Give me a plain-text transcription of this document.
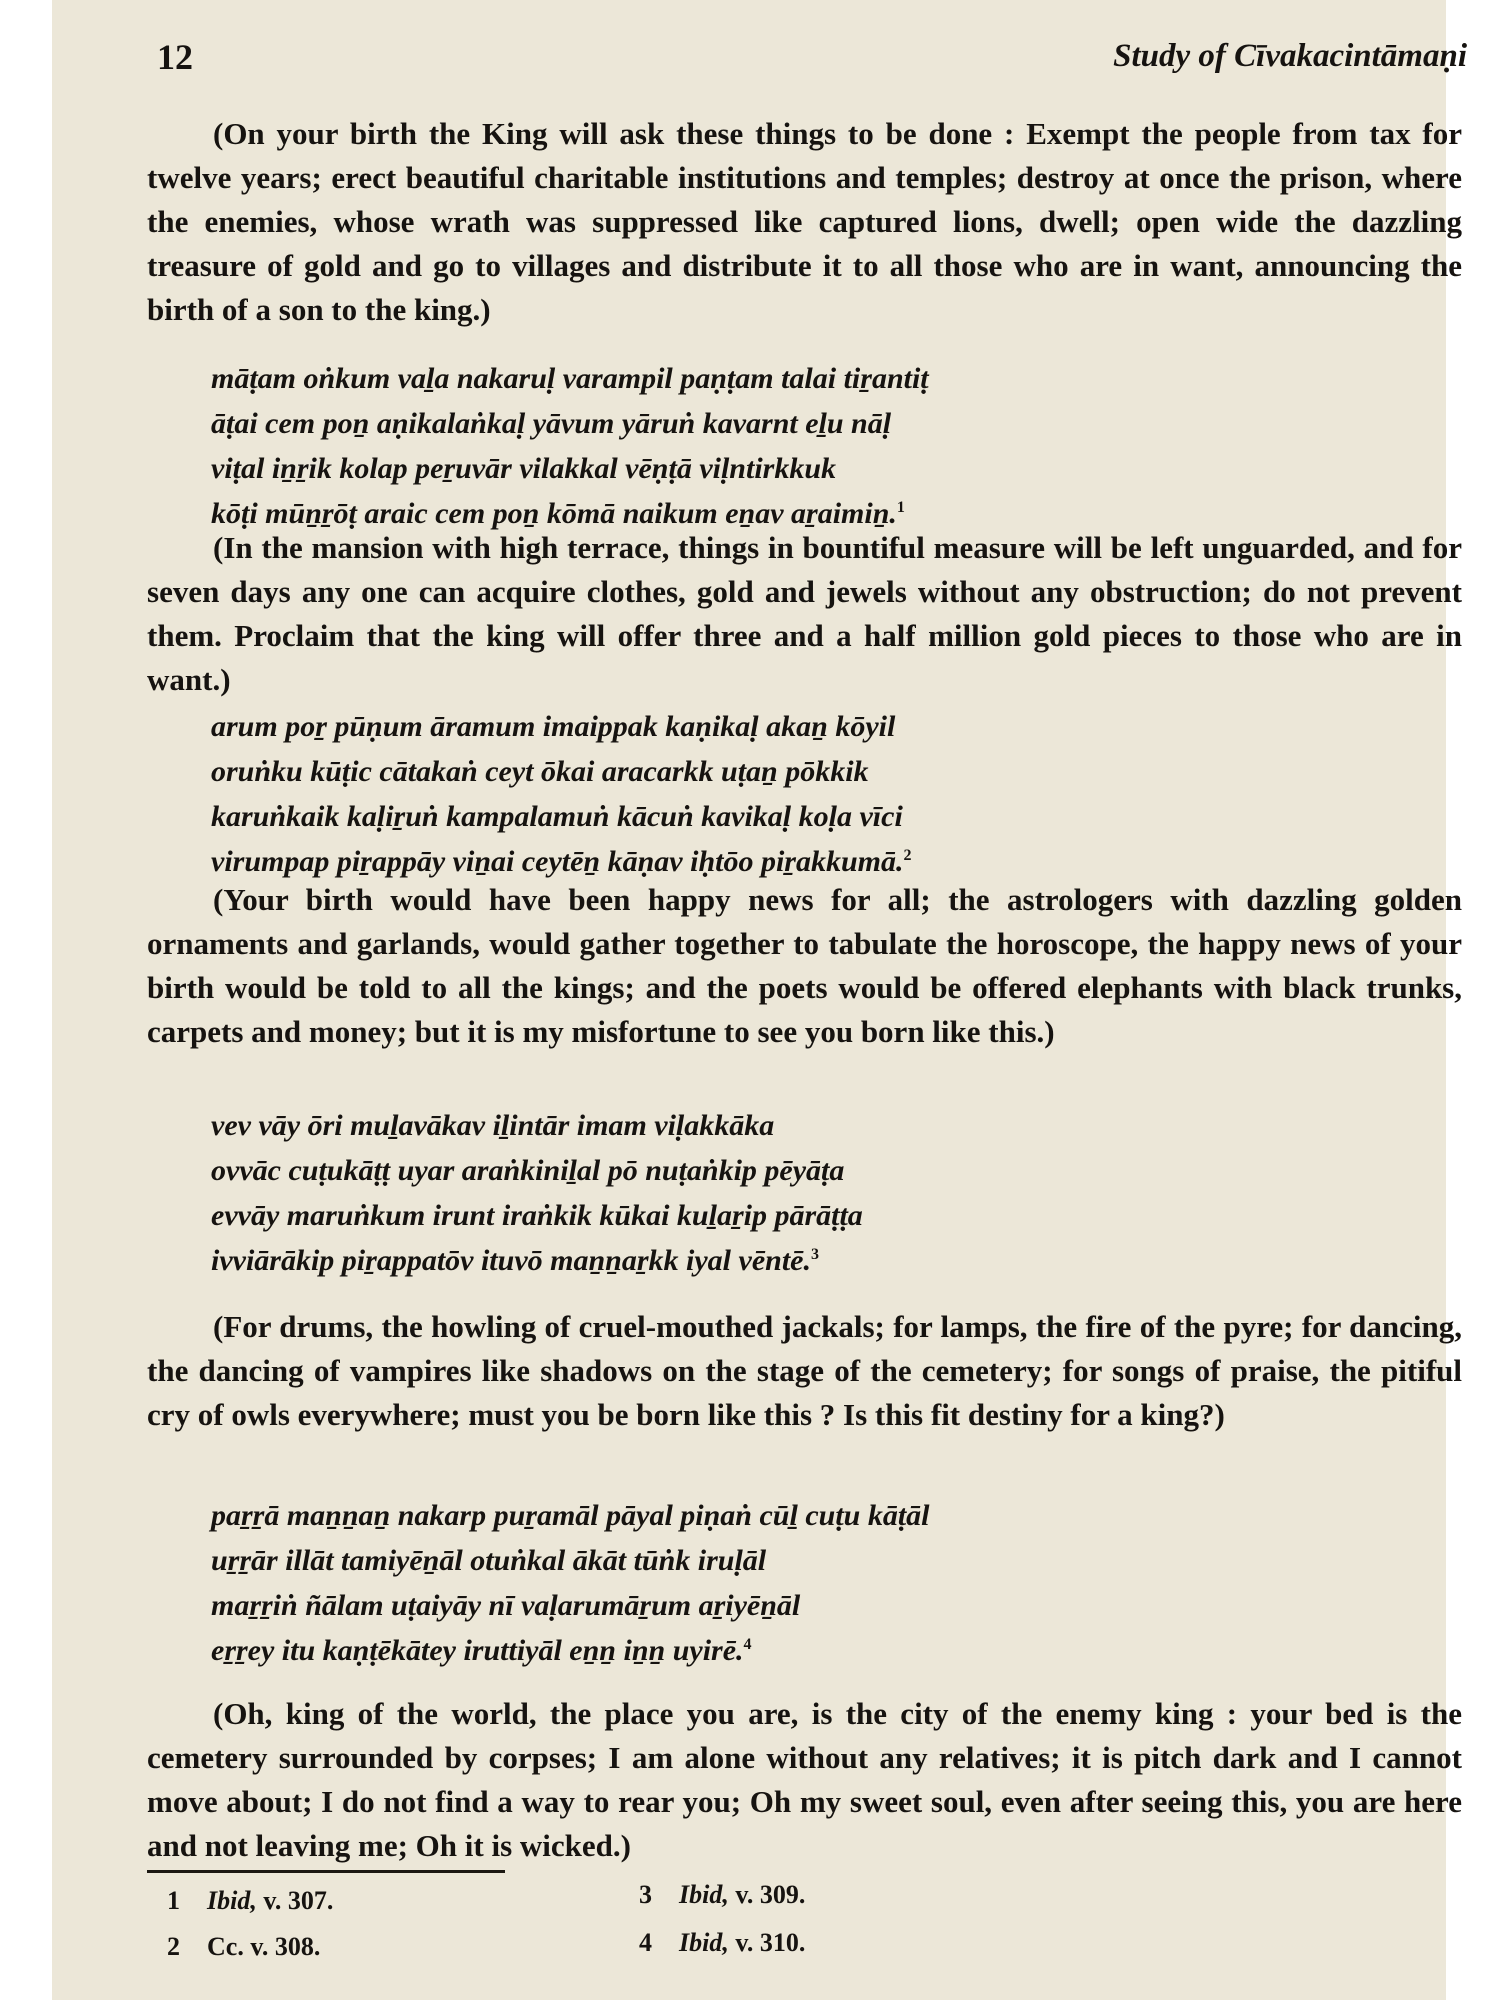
12	Study of Cīvakacintāmaṇi

(On your birth the King will ask these things to be done : Exempt the people from tax for twelve years; erect beautiful charitable institutions and temples; destroy at once the prison, where the enemies, whose wrath was suppressed like captured lions, dwell; open wide the dazzling treasure of gold and go to villages and distribute it to all those who are in want, announcing the birth of a son to the king.)

māṭam oṅkum vaḻa nakaruḷ varampil paṇṭam talai tiṟantiṭ
āṭai cem poṉ aṇikalaṅkaḷ yāvum yāruṅ kavarnt eḻu nāḷ
viṭal iṉṟik kolap peṟuvār vilakkal vēṇṭā viḷntirkkuk
kōṭi mūṉṟōṭ araic cem poṉ kōmā naikum eṉav aṟaimiṉ.$^1$

(In the mansion with high terrace, things in bountiful measure will be left unguarded, and for seven days any one can acquire clothes, gold and jewels without any obstruction; do not prevent them. Proclaim that the king will offer three and a half million gold pieces to those who are in want.)

arum poṟ pūṇum āramum imaippak kaṇikaḷ akaṉ kōyil
oruṅku kūṭic cātakaṅ ceyt ōkai aracarkk uṭaṉ pōkkik
karuṅkaik kaḷiṟuṅ kampalamuṅ kācuṅ kavikaḷ koḷa vīci
virumpap piṟappāy viṉai ceytēṉ kāṇav iḥtōo piṟakkumā.$^2$

(Your birth would have been happy news for all; the astrologers with dazzling golden ornaments and garlands, would gather together to tabulate the horoscope, the happy news of your birth would be told to all the kings; and the poets would be offered elephants with black trunks, carpets and money; but it is my misfortune to see you born like this.)

vev vāy ōri muḻavākav iḻintār imam viḷakkāka
ovvāc cuṭukāṭṭ uyar araṅkiniḻal pō nuṭaṅkip pēyāṭa
evvāy maruṅkum irunt iraṅkik kūkai kuḻaṟip pārāṭṭa
ivviārākip piṟappatōv ituvō maṉṉaṟkk iyal vēntē.$^3$

(For drums, the howling of cruel-mouthed jackals; for lamps, the fire of the pyre; for dancing, the dancing of vampires like shadows on the stage of the cemetery; for songs of praise, the pitiful cry of owls everywhere; must you be born like this ? Is this fit destiny for a king?)

paṟṟā maṉṉaṉ nakarp puṟamāl pāyal piṇaṅ cūḻ cuṭu kāṭāl
uṟṟār illāt tamiyēṉāl otuṅkal ākāt tūṅk iruḷāl
maṟṟiṅ ñālam uṭaiyāy nī vaḷarumāṟum aṟiyēṉāl
eṟṟey itu kaṇṭēkātey iruttiyāl eṉṉ iṉṉ uyirē.$^4$

(Oh, king of the world, the place you are, is the city of the enemy king : your bed is the cemetery surrounded by corpses; I am alone without any relatives; it is pitch dark and I cannot move about; I do not find a way to rear you; Oh my sweet soul, even after seeing this, you are here and not leaving me; Oh it is wicked.)

1 Ibid, v. 307.
2 Cc. v. 308.
3 Ibid, v. 309.
4 Ibid, v. 310.
